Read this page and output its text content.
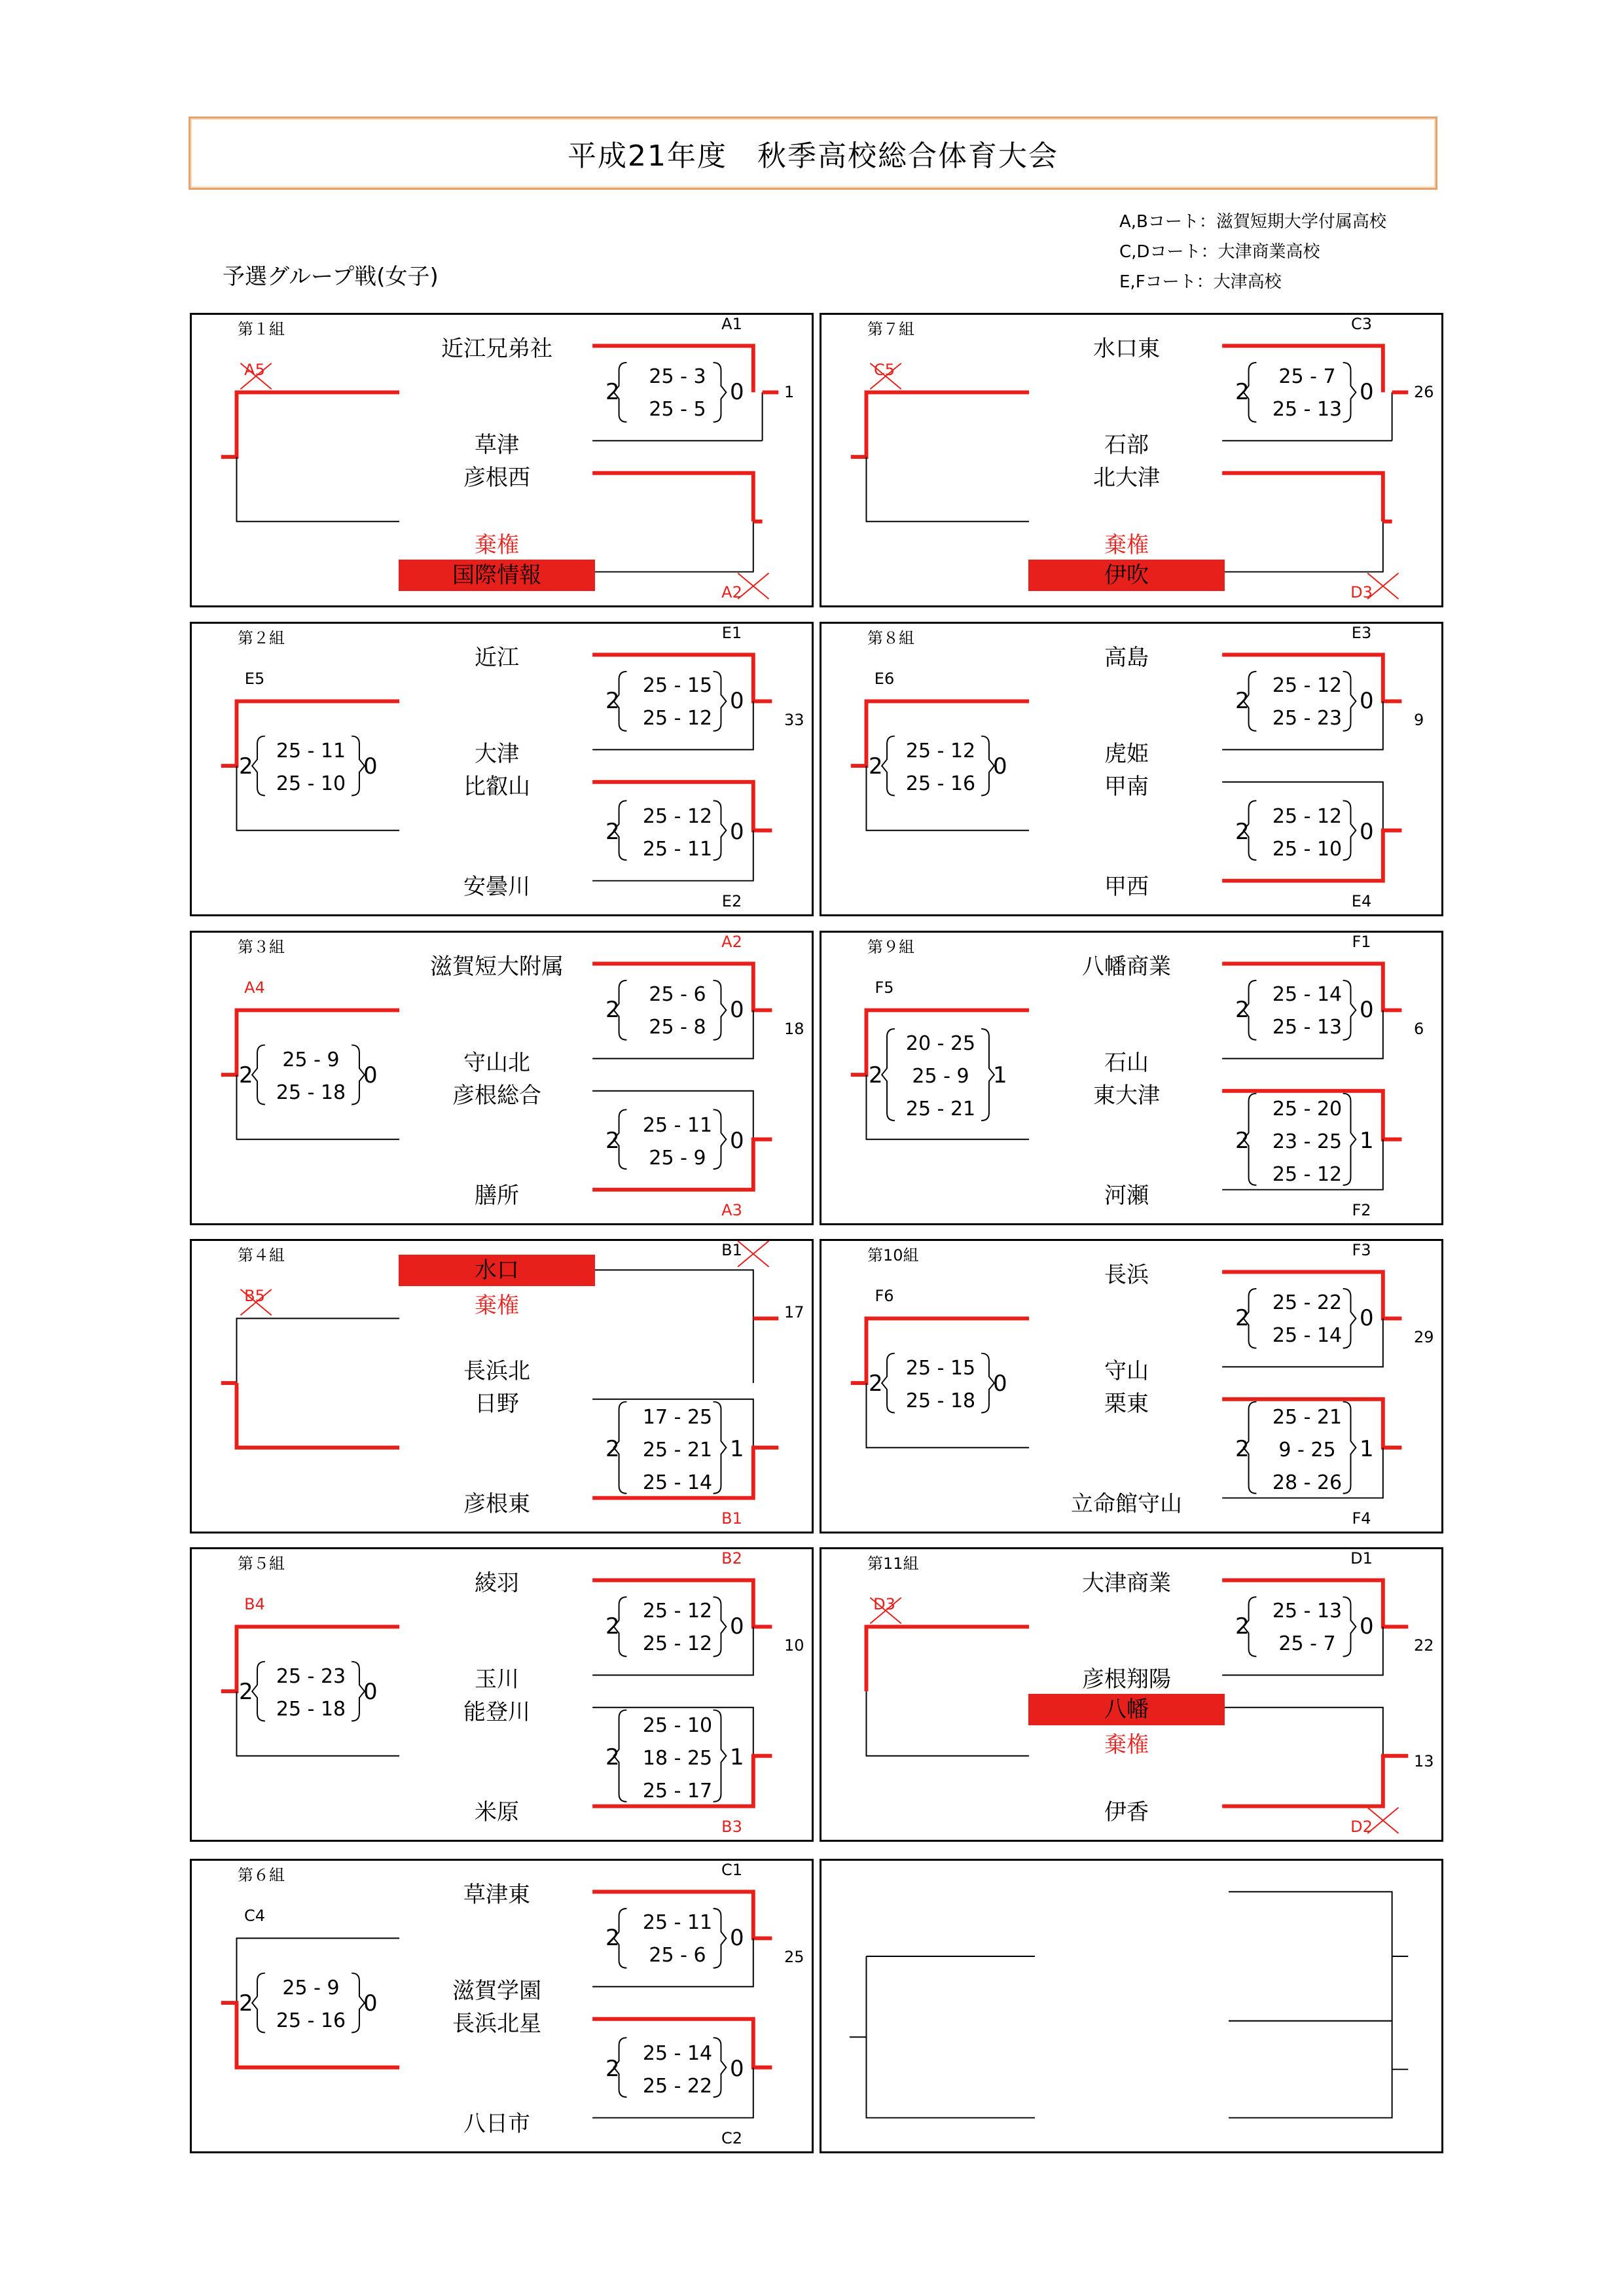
平成21年度　秋季高校総合体育大会
A,Bコート：滋賀短期大学付属高校
C,Dコート：大津商業高校
E,Fコート：大津高校
予選グループ戦(女子)
第１組
近江兄弟社
草津
彦根西
国際情報
棄権
A1
A2
A5
1
25 - 3
25 - 5
2	0
第７組
水口東
石部
北大津
伊吹
棄権
C3
D3
C5
26
25 - 7
25 - 13
2	0
第２組
近江
大津
比叡山
安曇川
E1
E2
E5
33
25 - 15
25 - 12
2	0
25 - 12
25 - 11
2	0
25 - 11
25 - 10
2	0
第８組
高島
虎姫
甲南
甲西
E3
E4
E6
9
25 - 12
25 - 23
2	0
25 - 12
25 - 10
2	0
25 - 12
25 - 16
2	0
第３組
滋賀短大附属
守山北
彦根総合
膳所
A2
A3
A4
18
25 - 6
25 - 8
2	0
25 - 11
25 - 9
2	0
25 - 9
25 - 18
2	0
第９組
八幡商業
石山
東大津
河瀬
F1
F2
F5
6
25 - 14
25 - 13
2	0
25 - 20
23 - 25
25 - 12
2	1
20 - 25
25 - 9
25 - 21
2	1
第４組
水口
長浜北
日野
彦根東
棄権
B1
B1
B5
17
17 - 25
25 - 21
25 - 14
2	1
第10組
長浜
守山
栗東
立命館守山
F3
F4
F6
29
25 - 22
25 - 14
2	0
25 - 21
9 - 25
28 - 26
2	1
25 - 15
25 - 18
2	0
第５組
綾羽
玉川
能登川
米原
B2
B3
B4
10
25 - 12
25 - 12
2	0
25 - 10
18 - 25
25 - 17
2	1
25 - 23
25 - 18
2	0
第11組
大津商業
彦根翔陽
八幡
伊香
棄権
D1
D2
D3
22
13
25 - 13
25 - 7
2	0
第６組
草津東
滋賀学園
長浜北星
八日市
C1
C2
C4
25
25 - 11
25 - 6
2	0
25 - 14
25 - 22
2	0
25 - 9
25 - 16
2	0
